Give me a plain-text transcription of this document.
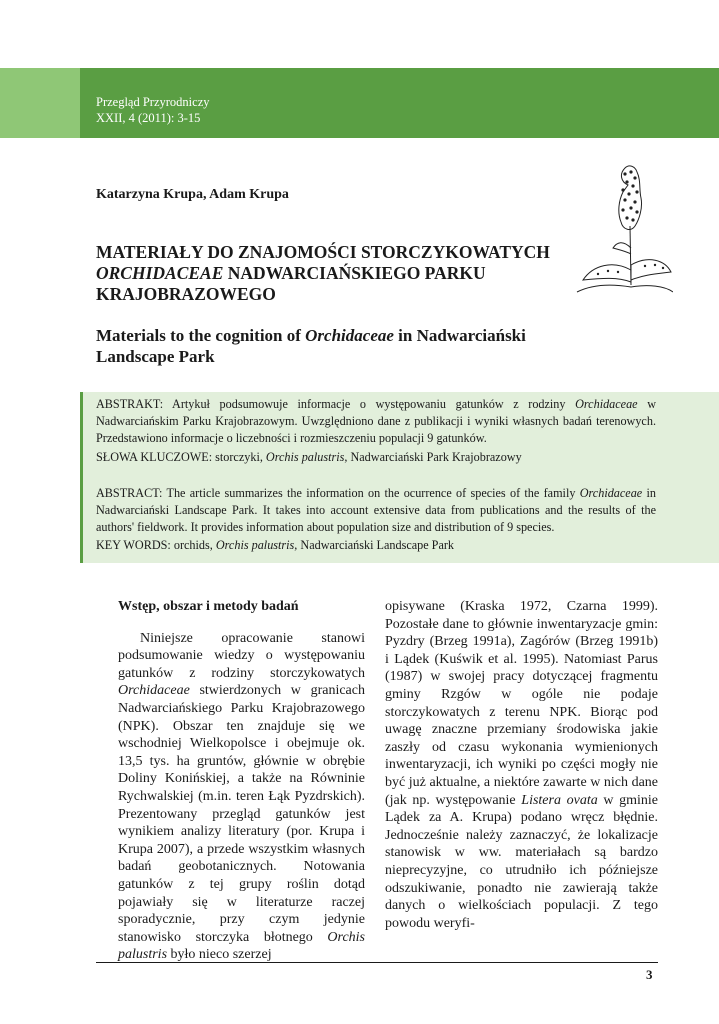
Przegląd Przyrodniczy
XXII, 4 (2011): 3-15
Katarzyna Krupa, Adam Krupa
MATERIAŁY DO ZNAJOMOŚCI STORCZYKOWATYCH
ORCHIDACEAE NADWARCIAŃSKIEGO PARKU KRAJOBRAZOWEGO
Materials to the cognition of Orchidaceae in Nadwarciański Landscape Park

ABSTRAKT: Artykuł podsumowuje informacje o występowaniu gatunków z rodziny Orchidaceae w Nadwarciańskim Parku Krajobrazowym. Uwzględniono dane z publikacji i wyniki własnych badań terenowych. Przedstawiono informacje o liczebności i rozmieszczeniu populacji 9 gatunków.

SŁOWA KLUCZOWE: storczyki, Orchis palustris, Nadwarciański Park Krajobrazowy

ABSTRACT: The article summarizes the information on the ocurrence of species of the family Orchidaceae in Nadwarciański Landscape Park. It takes into account extensive data from publications and the results of the authors' fieldwork. It provides information about population size and distribution of 9 species.

KEY WORDS: orchids, Orchis palustris, Nadwarciański Landscape Park

Wstęp, obszar i metody badań

Niniejsze opracowanie stanowi podsumowanie wiedzy o występowaniu gatunków z rodziny storczykowatych Orchidaceae stwierdzonych w granicach Nadwarciańskiego Parku Krajobrazowego (NPK). Obszar ten znajduje się we wschodniej Wielkopolsce i obejmuje ok. 13,5 tys. ha gruntów, głównie w obrębie Doliny Konińskiej, a także na Równinie Rychwalskiej (m.in. teren Łąk Pyzdrskich). Prezentowany przegląd gatunków jest wynikiem analizy literatury (por. Krupa i Krupa 2007), a przede wszystkim własnych badań geobotanicznych. Notowania gatunków z tej grupy roślin dotąd pojawiały się w literaturze raczej sporadycznie, przy czym jedynie stanowisko storczyka błotnego Orchis palustris było nieco szerzej

opisywane (Kraska 1972, Czarna 1999). Pozostałe dane to głównie inwentaryzacje gmin: Pyzdry (Brzeg 1991a), Zagórów (Brzeg 1991b) i Lądek (Kuświk et al. 1995). Natomiast Parus (1987) w swojej pracy dotyczącej fragmentu gminy Rzgów w ogóle nie podaje storczykowatych z terenu NPK. Biorąc pod uwagę znaczne przemiany środowiska jakie zaszły od czasu wykonania wymienionych inwentaryzacji, ich wyniki po części mogły nie być już aktualne, a niektóre zawarte w nich dane (jak np. występowanie Listera ovata w gminie Lądek za A. Krupa) podano wręcz błędnie. Jednocześnie należy zaznaczyć, że lokalizacje stanowisk w ww. materiałach są bardzo nieprecyzyjne, co utrudniło ich późniejsze odszukiwanie, ponadto nie zawierają także danych o wielkościach populacji. Z tego powodu weryfi-

3
